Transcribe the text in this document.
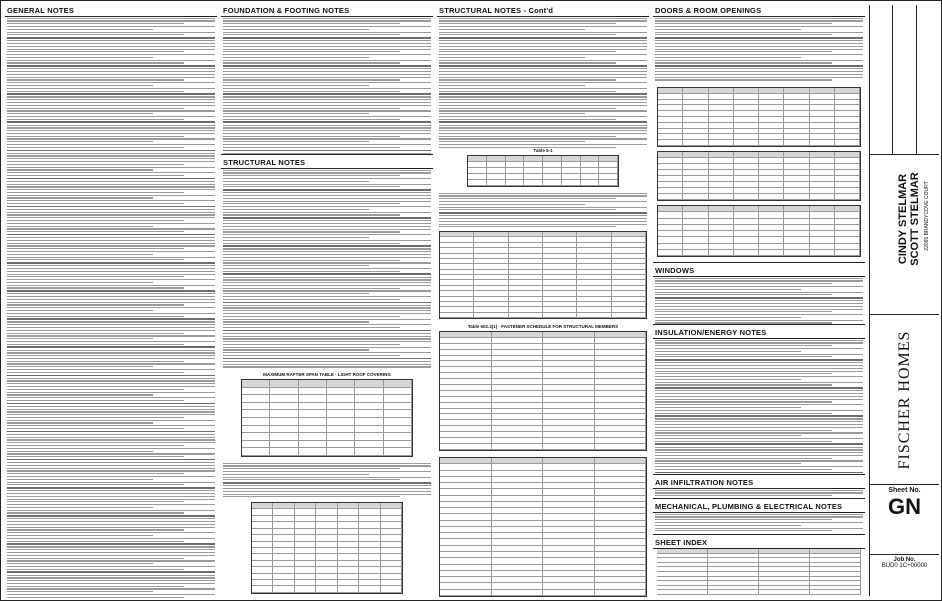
GENERAL NOTES	FOUNDATION & FOOTING NOTES
STRUCTURAL NOTES
MAXIMUM RAFTER SPAN TABLE - LIGHT ROOF COVERING
STRUCTURAL NOTES - Cont'd
Table 5-1
Table 602.3(1) - FASTENER SCHEDULE FOR STRUCTURAL MEMBERS
DOORS & ROOM OPENINGS
WINDOWS
INSULATION/ENERGY NOTES
AIR INFILTRATION NOTES
MECHANICAL, PLUMBING & ELECTRICAL NOTES
SHEET INDEX
CINDY STELMAR SCOTT STELMAR 22065 BRANDYCOVE COURT
FISCHER HOMES
Sheet No.
GN
Job No.
BUD0 1C+00000
